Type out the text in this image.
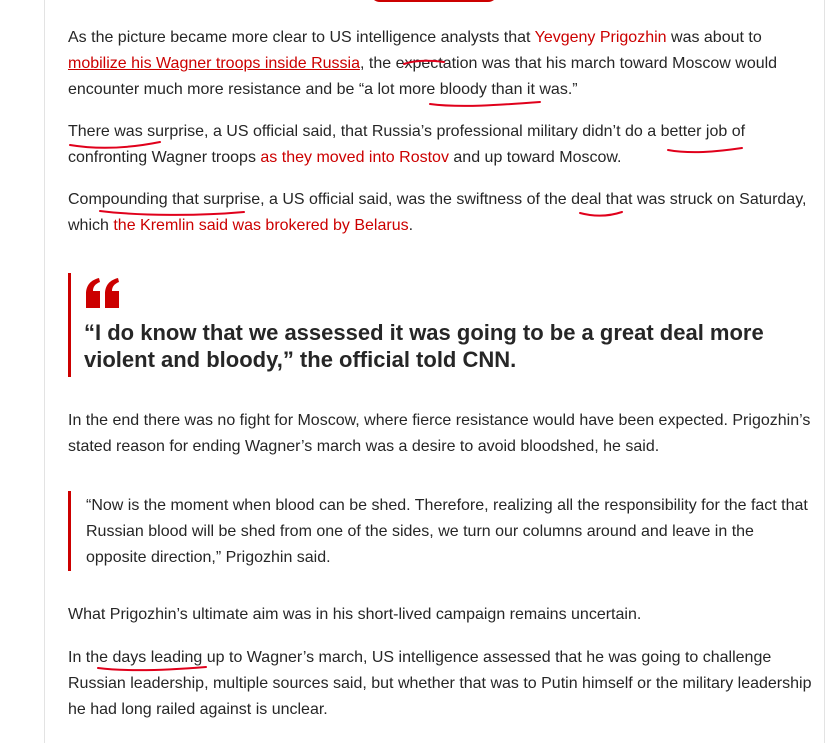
As the picture became more clear to US intelligence analysts that Yevgeny Prigozhin was about to mobilize his Wagner troops inside Russia, the expectation was that his march toward Moscow would encounter much more resistance and be “a lot more bloody than it was.”

There was surprise, a US official said, that Russia’s professional military didn’t do a better job of confronting Wagner troops as they moved into Rostov and up toward Moscow.

Compounding that surprise, a US official said, was the swiftness of the deal that was struck on Saturday, which the Kremlin said was brokered by Belarus.

“I do know that we assessed it was going to be a great deal more violent and bloody,” the official told CNN.

In the end there was no fight for Moscow, where fierce resistance would have been expected. Prigozhin’s stated reason for ending Wagner’s march was a desire to avoid bloodshed, he said.

“Now is the moment when blood can be shed. Therefore, realizing all the responsibility for the fact that Russian blood will be shed from one of the sides, we turn our columns around and leave in the opposite direction,” Prigozhin said.

What Prigozhin’s ultimate aim was in his short-lived campaign remains uncertain.

In the days leading up to Wagner’s march, US intelligence assessed that he was going to challenge Russian leadership, multiple sources said, but whether that was to Putin himself or the military leadership he had long railed against is unclear.
